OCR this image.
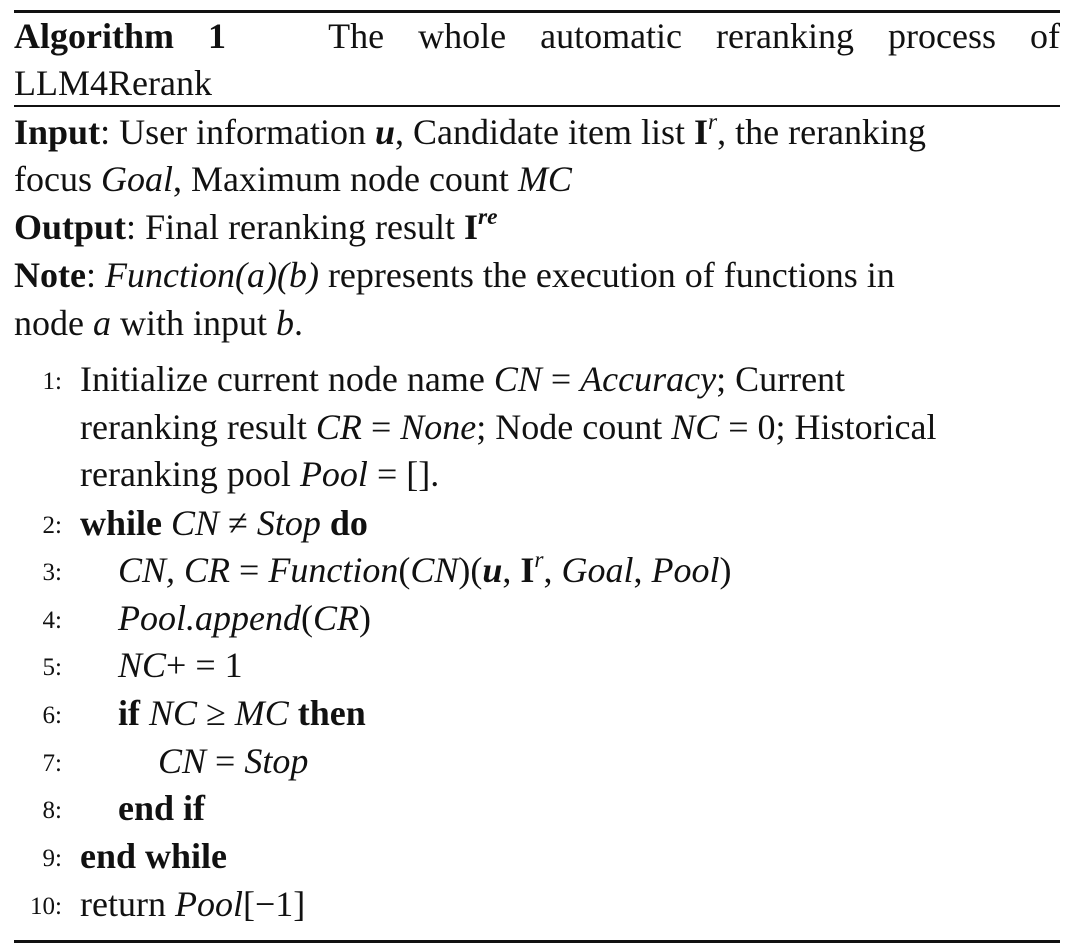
Algorithm 1	The whole automatic reranking process of
LLM4Rerank
Input: User information u, Candidate item list $I^r$, the reranking
focus Goal, Maximum node count MC
Output: Final reranking result Ire
Note: Function(a)(b) represents the execution of functions in
node a with input b.
1: Initialize current node name CN = Accuracy; Current
reranking result CR = None; Node count NC = 0; Historical
reranking pool Pool = [].
2: while CN ≠ Stop do
3: CN, CR = Function(CN)(u, $I^r$, Goal, Pool)
4: Pool.append(CR)
5: NC+ = 1
6: if NC ≥ MC then
7:	CN = Stop
8: end if
9: end while
10: return Pool[−1]
